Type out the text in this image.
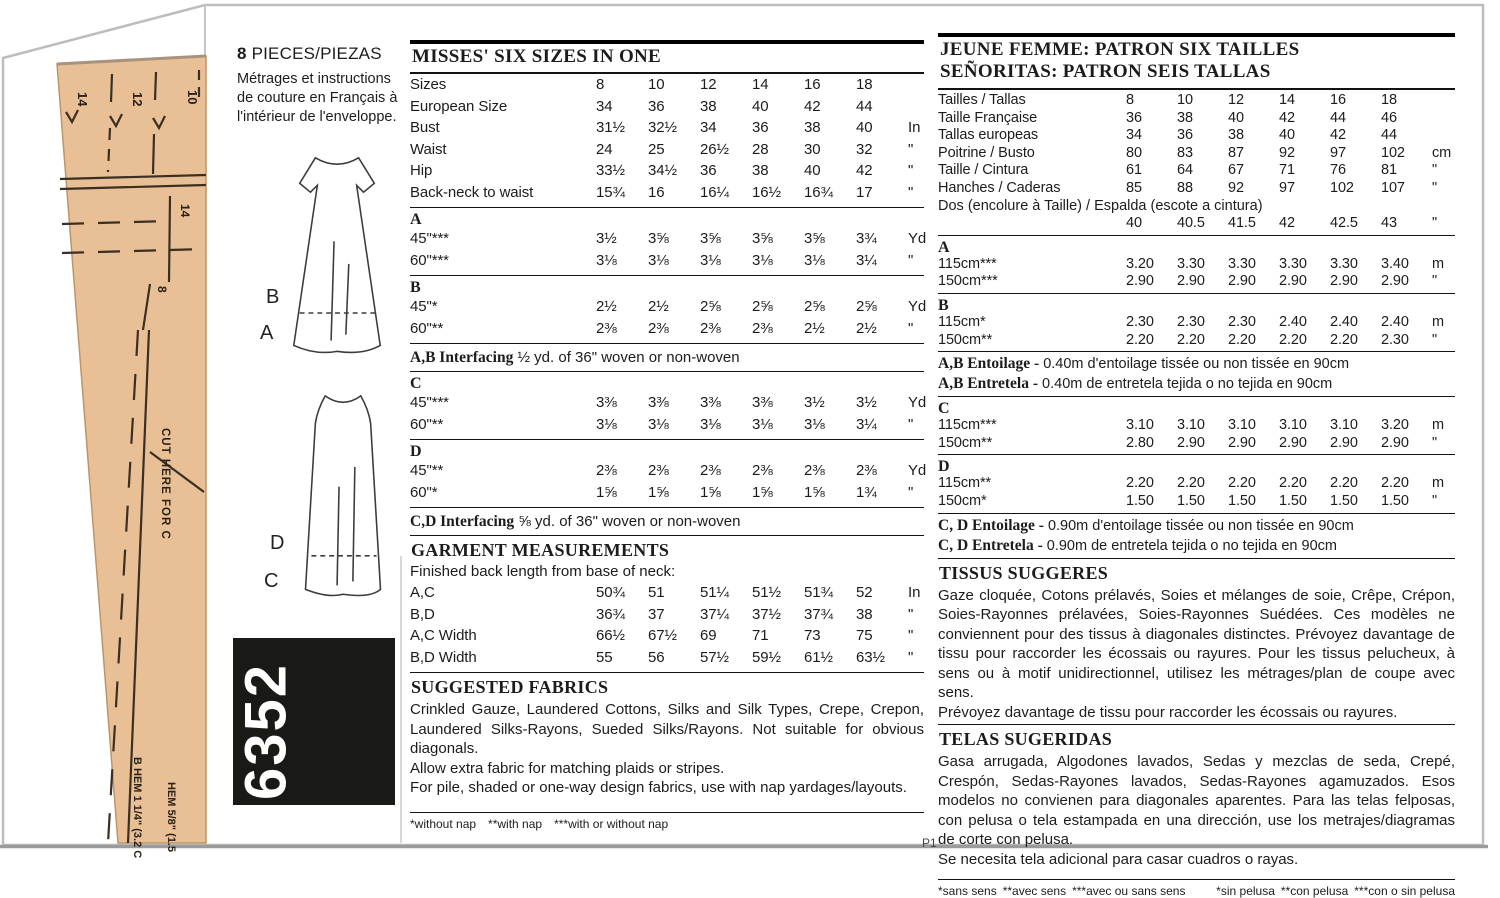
14	12	10
14
8
CUT HERE FOR C
B HEM 1 1/4" (3.2 C HEM 5/8" (1.5
8 PIECES/PIEZAS
Métrages et instructions de couture en Français à l'intérieur de l'enveloppe.
B
A
D
C
6352
MISSES' SIX SIZES IN ONE
Sizes	8	10	12	14	16	18
European Size	34	36	38	40	42	44
Bust	31½	32½	34	36	38	40	In
Waist	24	25	26½	28	30	32	"
Hip	33½	34½	36	38	40	42	"
Back-neck to waist	15¾	16	16¼	16½	16¾	17	"
A
45"***	3½	3⅝	3⅝	3⅝	3⅝	3¾	Yd
60"***	3⅛	3⅛	3⅛	3⅛	3⅛	3¼	"
B
45"*	2½	2½	2⅝	2⅝	2⅝	2⅝	Yd
60"**	2⅜	2⅜	2⅜	2⅜	2½	2½	"
A,B Interfacing ½ yd. of 36" woven or non-woven
C
45"***	3⅜	3⅜	3⅜	3⅜	3½	3½	Yd
60"**	3⅛	3⅛	3⅛	3⅛	3⅛	3¼	"
D
45"**	2⅜	2⅜	2⅜	2⅜	2⅜	2⅜	Yd
60"*	1⅝	1⅝	1⅝	1⅝	1⅝	1¾	"
C,D Interfacing ⅝ yd. of 36" woven or non-woven
GARMENT MEASUREMENTS
Finished back length from base of neck:
A,C	50¾	51	51¼	51½	51¾	52	In
B,D	36¾	37	37¼	37½	37¾	38	"
A,C Width	66½	67½	69	71	73	75	"
B,D Width	55	56	57½	59½	61½	63½	"
SUGGESTED FABRICS
Crinkled Gauze, Laundered Cottons, Silks and Silk Types, Crepe, Crepon, Laundered Silks-Rayons, Sueded Silks/Rayons. Not suitable for obvious diagonals.
Allow extra fabric for matching plaids or stripes.
For pile, shaded or one-way design fabrics, use with nap yardages/layouts.
*without nap **with nap ***with or without nap
JEUNE FEMME: PATRON SIX TAILLES
SEÑORITAS: PATRON SEIS TALLAS
Tailles / Tallas	8	10	12	14	16	18
Taille Française	36	38	40	42	44	46
Tallas europeas	34	36	38	40	42	44
Poitrine / Busto	80	83	87	92	97	102	cm
Taille / Cintura	61	64	67	71	76	81	"
Hanches / Caderas	85	88	92	97	102	107	"
Dos (encolure à Taille) / Espalda (escote a cintura)
40	40.5	41.5	42	42.5	43	"
A
115cm***	3.20	3.30	3.30	3.30	3.30	3.40	m
150cm***	2.90	2.90	2.90	2.90	2.90	2.90	"
B
115cm*	2.30	2.30	2.30	2.40	2.40	2.40	m
150cm**	2.20	2.20	2.20	2.20	2.20	2.30	"
A,B Entoilage - 0.40m d'entoilage tissée ou non tissée en 90cm
A,B Entretela - 0.40m de entretela tejida o no tejida en 90cm
C
115cm***	3.10	3.10	3.10	3.10	3.10	3.20	m
150cm**	2.80	2.90	2.90	2.90	2.90	2.90	"
D
115cm**	2.20	2.20	2.20	2.20	2.20	2.20	m
150cm*	1.50	1.50	1.50	1.50	1.50	1.50	"
C, D Entoilage - 0.90m d'entoilage tissée ou non tissée en 90cm
C, D Entretela - 0.90m de entretela tejida o no tejida en 90cm
TISSUS SUGGERES
Gaze cloquée, Cotons prélavés, Soies et mélanges de soie, Crêpe, Crépon, Soies-Rayonnes prélavées, Soies-Rayonnes Suédées. Ces modèles ne conviennent pour des tissus à diagonales distinctes. Prévoyez davantage de tissu pour raccorder les écossais ou rayures. Pour les tissus pelucheux, à sens ou à motif unidirectionnel, utilisez les métrages/plan de coupe avec sens.
Prévoyez davantage de tissu pour raccorder les écossais ou rayures.
TELAS SUGERIDAS
Gasa arrugada, Algodones lavados, Sedas y mezclas de seda, Crepé, Crespón, Sedas-Rayones lavados, Sedas-Rayones agamuzados. Esos modelos no convienen para diagonales aparentes. Para las telas felposas, con pelusa o tela estampada en una dirección, use los metrajes/diagramas de corte con pelusa.
Se necesita tela adicional para casar cuadros o rayas.
*sans sens **avec sens ***avec ou sans sens	*sin pelusa **con pelusa ***con o sin pelusa
P1
